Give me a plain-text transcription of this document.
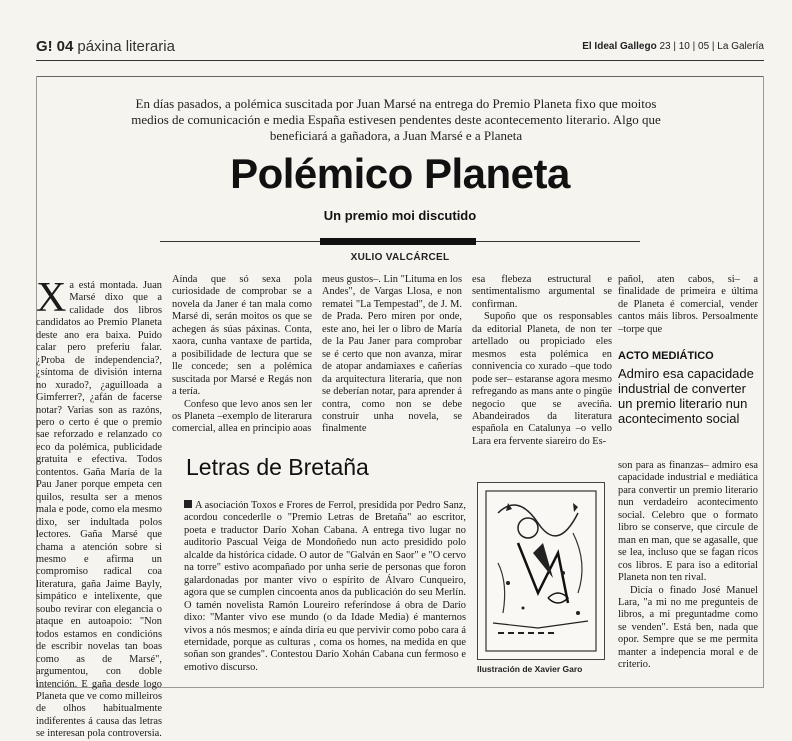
G! 04 páxina literaria	El Ideal Gallego 23 | 10 | 05 | La Galería
En días pasados, a polémica suscitada por Juan Marsé na entrega do Premio Planeta fixo que moitos medios de comunicación e media España estivesen pendentes deste acontecemento literario. Algo que beneficiará a gañadora, a Juan Marsé e a Planeta
Polémico Planeta
Un premio moi discutido
XULIO VALCÁRCEL

Xa está montada. Juan Marsé dixo que a calidade dos libros candidatos ao Premio Planeta deste ano era baixa. Puido calar pero preferiu falar. ¿Proba de independencia?, ¿síntoma de división interna no xurado?, ¿aguilloada a Gimferrer?, ¿afán de facerse notar? Varias son as razóns, pero o certo é que o premio sae reforzado e relanzado co eco da polémica, publicidade gratuita e efectiva. Todos contentos. Gaña María de la Pau Janer porque empeta cen quilos, resulta ser a menos mala e pode, como ela mesmo dixo, ser indultada polos lectores. Gaña Marsé que chama a atención sobre si mesmo e afirma un compromiso radical coa literatura, gaña Jaime Bayly, simpático e intelixente, que soubo revirar con elegancia o ataque en autoapoio: "Non todos estamos en condicións de escribir novelas tan boas como as de Marsé", argumentou, con doble intención. E gaña desde logo Planeta que ve como milleiros de olhos habitualmente indiferentes á causa das letras se interesan pola controversia.

Aínda que só sexa pola curiosidade de comprobar se a novela da Janer é tan mala como Marsé di, serán moitos os que se achegen ás súas páxinas. Conta, xaora, cunha vantaxe de partida, a posibilidade de lectura que se lle concede; sen a polémica suscitada por Marsé e Regás non a tería.

Confeso que levo anos sen ler os Planeta –exemplo de literarura comercial, allea en principio aoas

meus gustos–. Lin "Lituma en los Andes", de Vargas Llosa, e non rematei "La Tempestad", de J. M. de Prada. Pero miren por onde, este ano, hei ler o libro de María de la Pau Janer para comprobar se é certo que non avanza, mirar de atopar andamiaxes e cañerías da arquitectura literaria, que non se deberían notar, para aprender á contra, como non se debe construir unha novela, se finalmente

esa flebeza estructural e sentimentalismo argumental se confirman.

Supoño que os responsables da editorial Planeta, de non ter artellado ou propiciado eles mesmos esta polémica en connivencia co xurado –que todo pode ser– estaranse agora mesmo refregando as mans ante o pingüe negocio que se aveciña. Abandeirados da literatura española en Catalunya –o vello Lara era fervente siareiro do Es-

pañol, aten cabos, si– a finalidade de primeira e última de Planeta é comercial, vender cantos máis libros. Persoalmente –torpe que

ACTO MEDIÁTICO
Admiro esa capacidade industrial de converter un premio literario nun acontecimento social
Letras de Bretaña
A asociación Toxos e Frores de Ferrol, presidida por Pedro Sanz, acordou concederlle o "Premio Letras de Bretaña" ao escritor, poeta e traductor Darío Xohan Cabana. A entrega tivo lugar no auditorio Pascual Veiga de Mondoñedo nun acto presidido polo alcalde da histórica cidade. O autor de "Galván en Saor" e "O cervo na torre" estivo acompañado por unha serie de personas que foron galardonadas por manter vivo o espírito de Álvaro Cunqueiro, agora que se cumplen cincoenta anos da publicación do seu Merlín. O tamén novelista Ramón Loureiro referíndose á obra de Darío dixo: "Manter vivo ese mundo (o da Idade Media) é manternos vivos a nós mesmos; e aínda diría eu que pervivir como pobo cara á eternidade, porque as culturas , coma os homes, na medida en que soñan son grandes". Contestou Darío Xohán Cabana cun fermoso e emotivo discurso.	Ilustración de Xavier Garo

son para as finanzas– admiro esa capacidade industrial e mediática para convertir un premio literario nun verdadeiro acontecimento social. Celebro que o formato libro se conserve, que circule de man en man, que se agasalle, que se lea, incluso que se fagan ricos cos libros. E para iso a editorial Planeta non ten rival.

Dicía o finado José Manuel Lara, "a mi no me pregunteis de libros, a mi preguntadme como se venden". Está ben, nada que opor. Sempre que se me permita manter a indepencia moral e de criterio.
